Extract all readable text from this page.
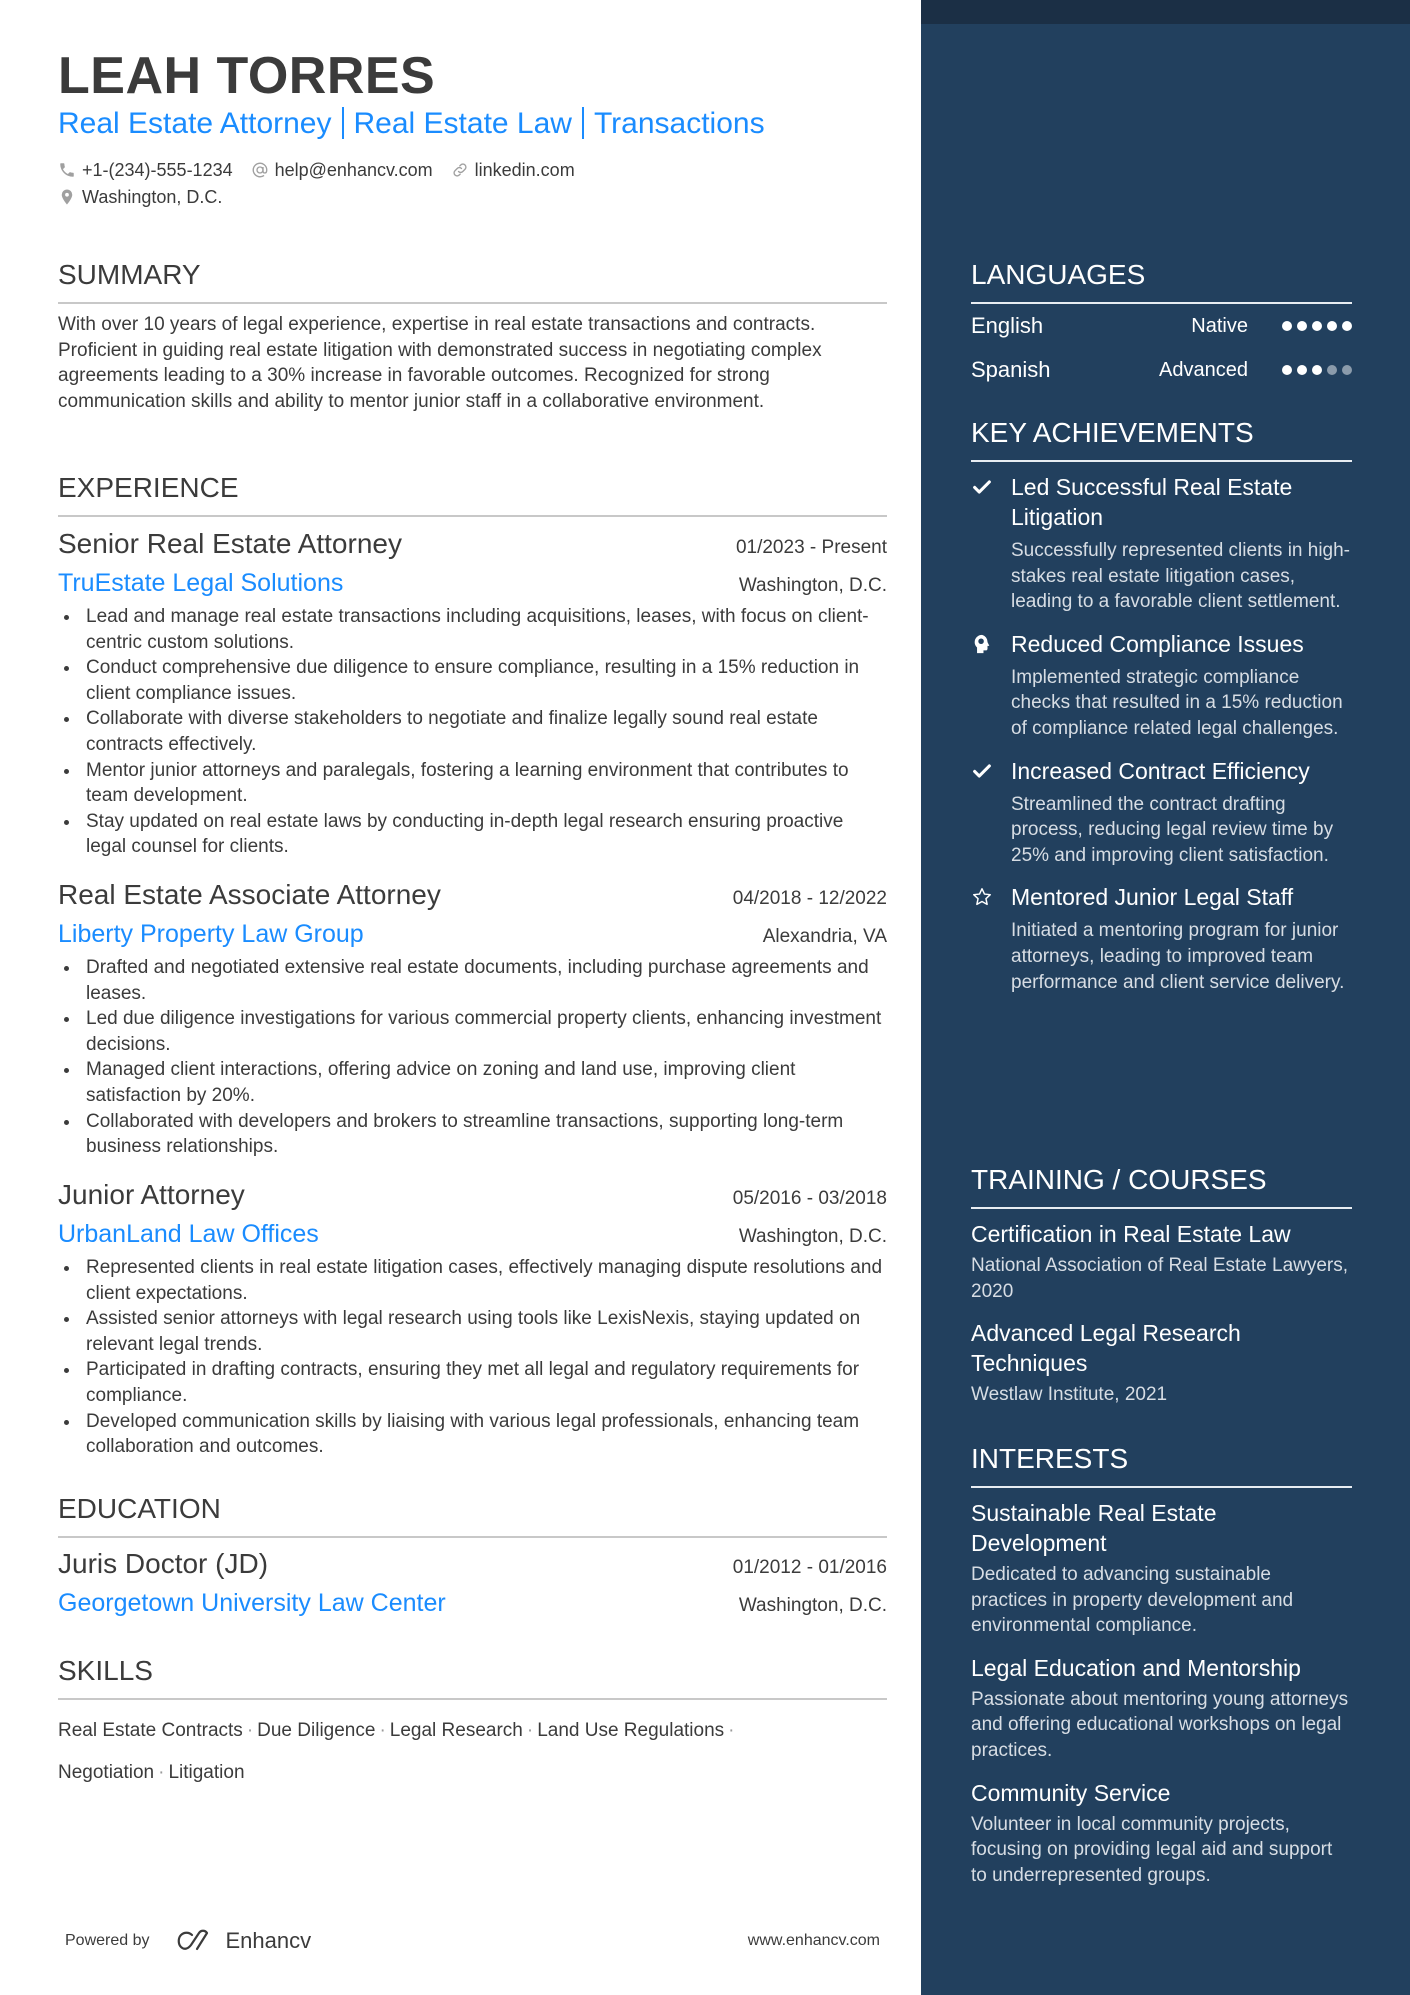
LEAH TORRES
Real Estate Attorney Real Estate Law Transactions
+1-(234)-555-1234 help@enhancv.com linkedin.com
Washington, D.C.
SUMMARY
With over 10 years of legal experience, expertise in real estate transactions and contracts. Proficient in guiding real estate litigation with demonstrated success in negotiating complex agreements leading to a 30% increase in favorable outcomes. Recognized for strong communication skills and ability to mentor junior staff in a collaborative environment.
EXPERIENCE
Senior Real Estate Attorney	01/2023 - Present
TruEstate Legal Solutions	Washington, D.C.
Lead and manage real estate transactions including acquisitions, leases, with focus on client-centric custom solutions.
Conduct comprehensive due diligence to ensure compliance, resulting in a 15% reduction in client compliance issues.
Collaborate with diverse stakeholders to negotiate and finalize legally sound real estate contracts effectively.
Mentor junior attorneys and paralegals, fostering a learning environment that contributes to team development.
Stay updated on real estate laws by conducting in-depth legal research ensuring proactive legal counsel for clients.
Real Estate Associate Attorney	04/2018 - 12/2022
Liberty Property Law Group	Alexandria, VA
Drafted and negotiated extensive real estate documents, including purchase agreements and leases.
Led due diligence investigations for various commercial property clients, enhancing investment decisions.
Managed client interactions, offering advice on zoning and land use, improving client satisfaction by 20%.
Collaborated with developers and brokers to streamline transactions, supporting long-term business relationships.
Junior Attorney	05/2016 - 03/2018
UrbanLand Law Offices	Washington, D.C.
Represented clients in real estate litigation cases, effectively managing dispute resolutions and client expectations.
Assisted senior attorneys with legal research using tools like LexisNexis, staying updated on relevant legal trends.
Participated in drafting contracts, ensuring they met all legal and regulatory requirements for compliance.
Developed communication skills by liaising with various legal professionals, enhancing team collaboration and outcomes.
EDUCATION
Juris Doctor (JD)	01/2012 - 01/2016
Georgetown University Law Center	Washington, D.C.
SKILLS
Real Estate Contracts · Due Diligence · Legal Research · Land Use Regulations ·
Negotiation · Litigation
Powered by	Enhancv	www.enhancv.com
LANGUAGES
English	Native
Spanish	Advanced
KEY ACHIEVEMENTS
Led Successful Real Estate Litigation
Successfully represented clients in high-stakes real estate litigation cases, leading to a favorable client settlement.
Reduced Compliance Issues
Implemented strategic compliance checks that resulted in a 15% reduction of compliance related legal challenges.
Increased Contract Efficiency
Streamlined the contract drafting process, reducing legal review time by 25% and improving client satisfaction.
Mentored Junior Legal Staff
Initiated a mentoring program for junior attorneys, leading to improved team performance and client service delivery.
TRAINING / COURSES
Certification in Real Estate Law
National Association of Real Estate Lawyers, 2020
Advanced Legal Research Techniques
Westlaw Institute, 2021
INTERESTS
Sustainable Real Estate Development
Dedicated to advancing sustainable practices in property development and environmental compliance.
Legal Education and Mentorship
Passionate about mentoring young attorneys and offering educational workshops on legal practices.
Community Service
Volunteer in local community projects, focusing on providing legal aid and support to underrepresented groups.
